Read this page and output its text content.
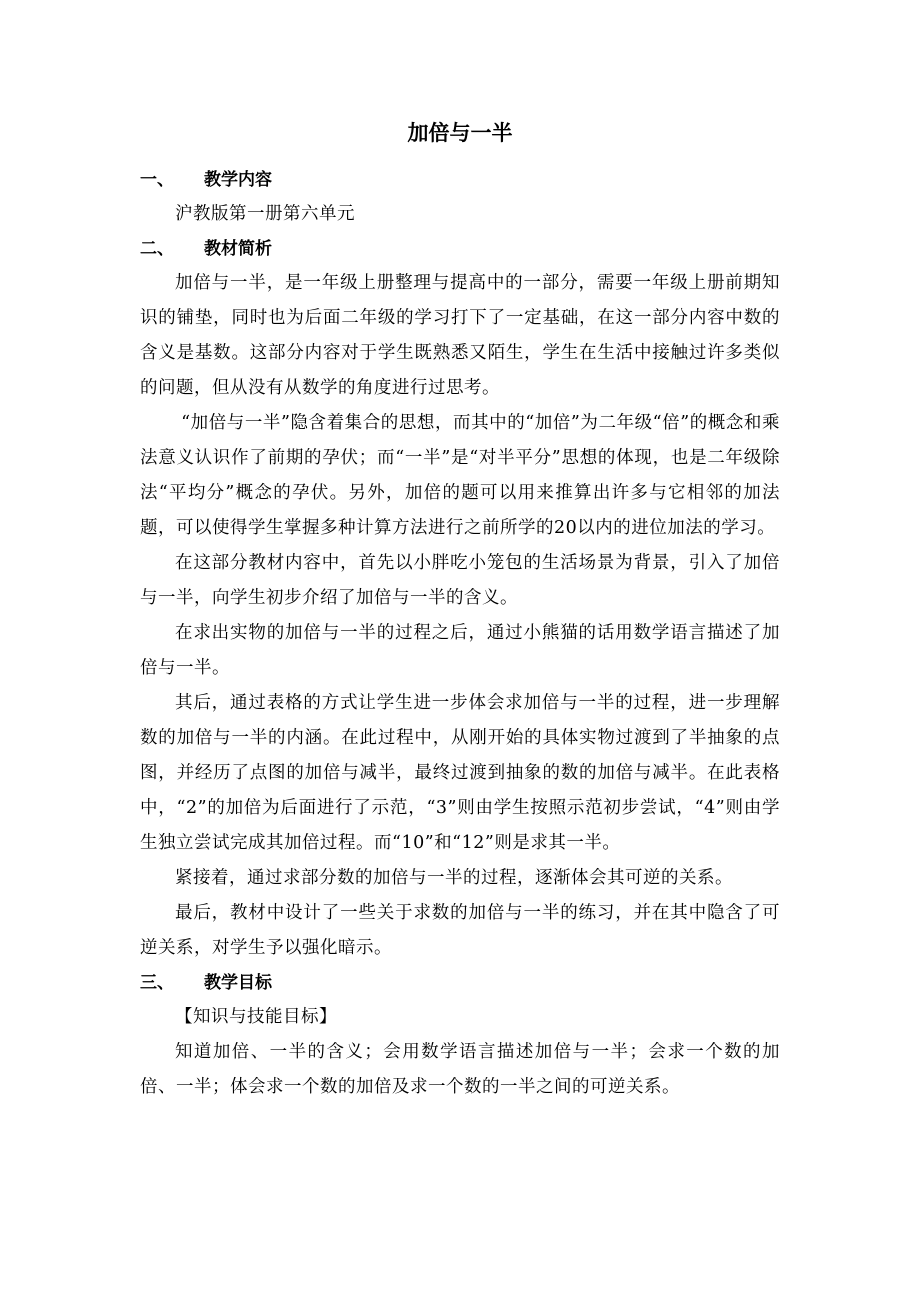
加倍与一半
一、 教学内容

沪教版第一册第六单元

二、 教材简析

加倍与一半，是一年级上册整理与提高中的一部分，需要一年级上册前期知识的铺垫，同时也为后面二年级的学习打下了一定基础，在这一部分内容中数的含义是基数。这部分内容对于学生既熟悉又陌生，学生在生活中接触过许多类似的问题，但从没有从数学的角度进行过思考。

“加倍与一半”隐含着集合的思想，而其中的“加倍”为二年级“倍”的概念和乘法意义认识作了前期的孕伏；而“一半”是“对半平分”思想的体现，也是二年级除法“平均分”概念的孕伏。另外，加倍的题可以用来推算出许多与它相邻的加法题，可以使得学生掌握多种计算方法进行之前所学的20以内的进位加法的学习。

在这部分教材内容中，首先以小胖吃小笼包的生活场景为背景，引入了加倍与一半，向学生初步介绍了加倍与一半的含义。

在求出实物的加倍与一半的过程之后，通过小熊猫的话用数学语言描述了加倍与一半。

其后，通过表格的方式让学生进一步体会求加倍与一半的过程，进一步理解数的加倍与一半的内涵。在此过程中，从刚开始的具体实物过渡到了半抽象的点图，并经历了点图的加倍与减半，最终过渡到抽象的数的加倍与减半。在此表格中，“2”的加倍为后面进行了示范，“3”则由学生按照示范初步尝试，“4”则由学生独立尝试完成其加倍过程。而“10”和“12”则是求其一半。

紧接着，通过求部分数的加倍与一半的过程，逐渐体会其可逆的关系。

最后，教材中设计了一些关于求数的加倍与一半的练习，并在其中隐含了可逆关系，对学生予以强化暗示。

三、 教学目标

【知识与技能目标】

知道加倍、一半的含义；会用数学语言描述加倍与一半；会求一个数的加倍、一半；体会求一个数的加倍及求一个数的一半之间的可逆关系。
